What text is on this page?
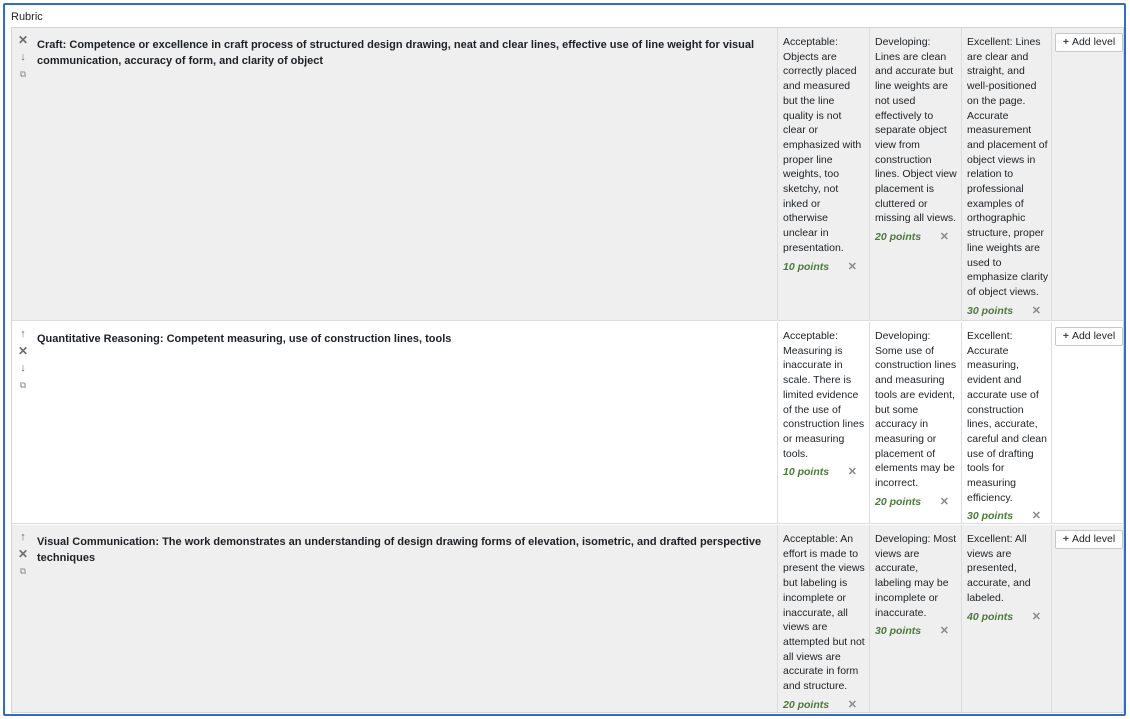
Rubric
✕
↓
⧉
Craft: Competence or excellence in craft process of structured design drawing, neat and clear lines, effective use of line weight for visual communication, accuracy of form, and clarity of object
Acceptable: Objects are correctly placed and measured but the line quality is not clear or emphasized with proper line weights, too sketchy, not inked or otherwise unclear in presentation.
10 points ✕
Developing: Lines are clean and accurate but line weights are not used effectively to separate object view from construction lines. Object view placement is cluttered or missing all views.
20 points ✕
Excellent: Lines are clear and straight, and well-positioned on the page. Accurate measurement and placement of object views in relation to professional examples of orthographic structure, proper line weights are used to emphasize clarity of object views.
30 points ✕
+ Add level
↑
✕
↓
⧉
Quantitative Reasoning: Competent measuring, use of construction lines, tools	Acceptable: Measuring is inaccurate in scale. There is limited evidence of the use of construction lines or measuring tools.
10 points ✕
Developing: Some use of construction lines and measuring tools are evident, but some accuracy in measuring or placement of elements may be incorrect.
20 points ✕
Excellent: Accurate measuring, evident and accurate use of construction lines, accurate, careful and clean use of drafting tools for measuring efficiency.
30 points ✕
+ Add level
↑
✕
⧉
Visual Communication: The work demonstrates an understanding of design drawing forms of elevation, isometric, and drafted perspective techniques
Acceptable: An effort is made to present the views but labeling is incomplete or inaccurate, all views are attempted but not all views are accurate in form and structure.
20 points ✕
Developing: Most views are accurate, labeling may be incomplete or inaccurate.
30 points ✕
Excellent: All views are presented, accurate, and labeled.
40 points ✕
+ Add level
